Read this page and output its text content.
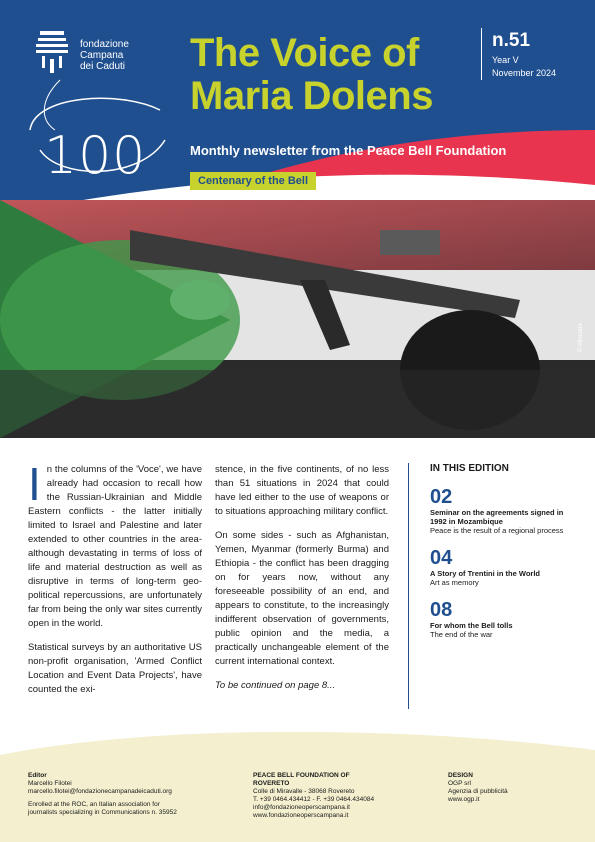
fondazione
Campana
dei Caduti
100
The Voice of
Maria Dolens
n.51
Year V
November 2024
Monthly newsletter from the Peace Bell Foundation
Centenary of the Bell
© Allocoda

In the columns of the 'Voce', we have already had occasion to recall how the Russian-Ukrainian and Middle Eastern conflicts - the latter initially limited to Israel and Palestine and later extended to other countries in the area- although devastating in terms of loss of life and material destruction as well as disruptive in terms of long-term geo-political repercussions, are unfortunately far from being the only war sites currently open in the world.

Statistical surveys by an authoritative US non-profit organisation, 'Armed Conflict Location and Event Data Projects', have counted the exi-

stence, in the five continents, of no less than 51 situations in 2024 that could have led either to the use of weapons or to situations approaching military conflict.

On some sides - such as Afghanistan, Yemen, Myanmar (formerly Burma) and Ethiopia - the conflict has been dragging on for years now, without any foreseeable possibility of an end, and appears to constitute, to the increasingly indifferent observation of governments, public opinion and the media, a practically unchangeable element of the current international context.

To be continued on page 8...

IN THIS EDITION
02
Seminar on the agreements signed in 1992 in Mozambique
Peace is the result of a regional process
04
A Story of Trentini in the World
Art as memory
08
For whom the Bell tolls
The end of the war
Editor
Marcello Filotei
marcello.filotei@fondazionecampanadeicaduti.org
Enrolled at the ROC, an Italian association for
journalists specializing in Communications n. 35952
PEACE BELL FOUNDATION OF
ROVERETO
Colle di Miravalle - 38068 Rovereto
T. +39 0464.434412 - F. +39 0464.434084
info@fondazioneoperscampana.it
www.fondazioneoperscampana.it
DESIGN
OGP srl
Agenzia di pubblicità
www.ogp.it
